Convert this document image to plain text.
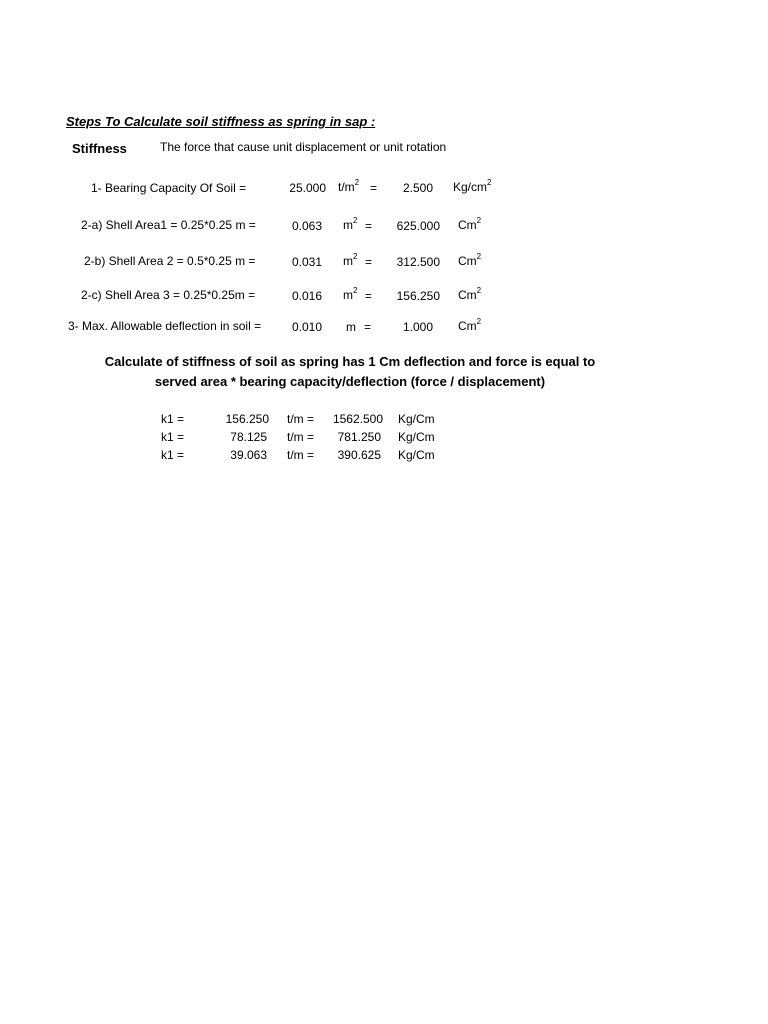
Steps To Calculate soil stiffness as spring in sap :
Stiffness	The force that cause unit displacement or unit rotation
1- Bearing Capacity Of Soil =	25.000 $t/m^2$ =	2.500 $Kg/cm^2$
2-a) Shell Area1 = 0.25*0.25 m =	0.063 $m^2$ =	625.000 Cm$^2$
2-b) Shell Area 2 = 0.5*0.25 m =	0.031 $m^2$ =	312.500 Cm$^2$
2-c) Shell Area 3 = 0.25*0.25m =	0.016 $m^2$ =	156.250 Cm$^2$
3- Max. Allowable deflection in soil =	0.010 m =	1.000 Cm$^2$
Calculate of stiffness of soil as spring has 1 Cm deflection and force is equal to served area * bearing capacity/deflection (force / displacement)
k1 =	156.250 t/m =	1562.500 Kg/Cm
k1 =	78.125 t/m =	781.250 Kg/Cm
k1 =	39.063 t/m =	390.625 Kg/Cm
